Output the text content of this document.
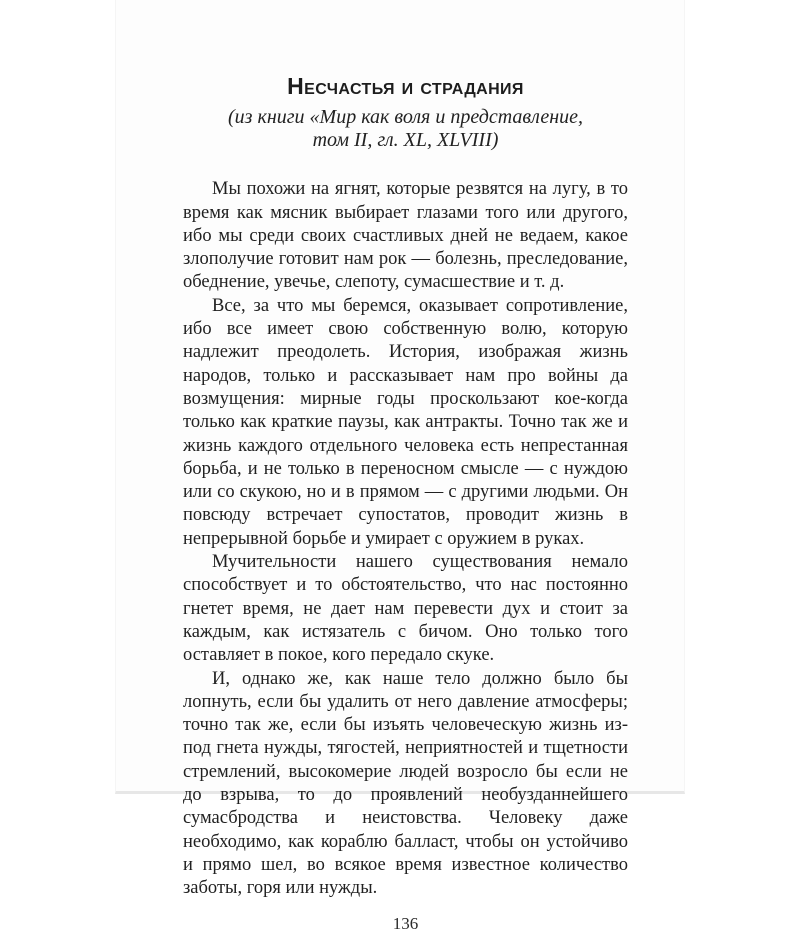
Несчастья и страдания
(из книги «Мир как воля и представление,
том II, гл. XL, XLVIII)

Мы похожи на ягнят, которые резвятся на лугу, в то время как мясник выбирает глазами того или другого, ибо мы среди своих счастливых дней не ведаем, какое злополучие готовит нам рок — болезнь, преследование, обеднение, увечье, слепоту, сумасшествие и т. д.

Все, за что мы беремся, оказывает сопротивление, ибо все имеет свою собственную волю, которую надлежит преодолеть. История, изображая жизнь народов, только и рассказывает нам про войны да возмущения: мирные годы проскользают кое-когда только как краткие паузы, как антракты. Точно так же и жизнь каждого отдельного человека есть непрестанная борьба, и не только в переносном смысле — с нуждою или со скукою, но и в прямом — с другими людьми. Он повсюду встречает супостатов, проводит жизнь в непрерывной борьбе и умирает с оружием в руках.

Мучительности нашего существования немало способствует и то обстоятельство, что нас постоянно гнетет время, не дает нам перевести дух и стоит за каждым, как истязатель с бичом. Оно только того оставляет в покое, кого передало скуке.

И, однако же, как наше тело должно было бы лопнуть, если бы удалить от него давление атмосферы; точно так же, если бы изъять человеческую жизнь из-под гнета нужды, тягостей, неприятностей и тщетности стремлений, высокомерие людей возросло бы если не до взрыва, то до проявлений необузданнейшего сумасбродства и неистовства. Человеку даже необходимо, как кораблю балласт, чтобы он устойчиво и прямо шел, во всякое время известное количество заботы, горя или нужды.

136
